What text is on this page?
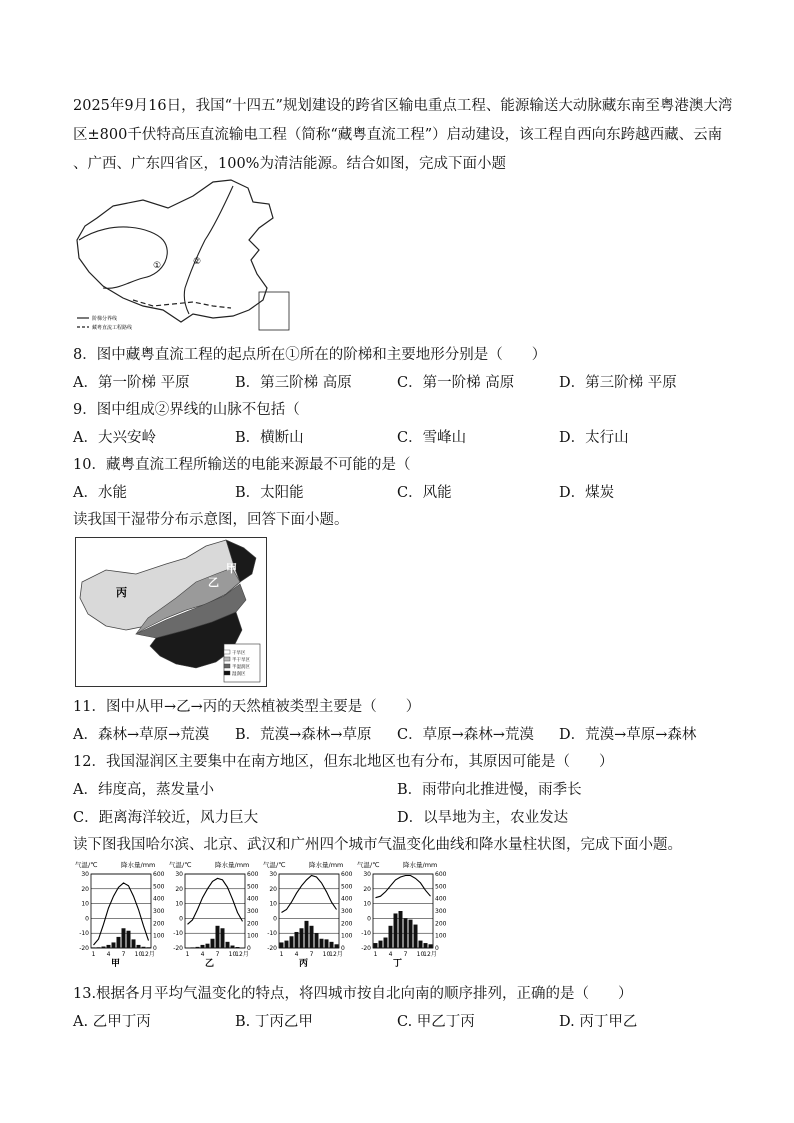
2025年9月16日，我国“十四五”规划建设的跨省区输电重点工程、能源输送大动脉藏东南至粤港澳大湾
区±800千伏特高压直流输电工程（简称“藏粤直流工程”）启动建设，该工程自西向东跨越西藏、云南
、广西、广东四省区，100%为清洁能源。结合如图，完成下面小题
①	②
阶梯分界线
藏粤直流工程路线
8．图中藏粤直流工程的起点所在①所在的阶梯和主要地形分别是（　　）
A．第一阶梯 平原	B．第三阶梯 高原	C．第一阶梯 高原	D．第三阶梯 平原
9．图中组成②界线的山脉不包括（
A．大兴安岭	B．横断山	C．雪峰山	D．太行山
10．藏粤直流工程所输送的电能来源最不可能的是（
A．水能	B．太阳能	C．风能	D．煤炭
读我国干湿带分布示意图，回答下面小题。
甲
乙
丙
干旱区
半干旱区
半湿润区
湿润区
11．图中从甲→乙→丙的天然植被类型主要是（　　）
A．森林→草原→荒漠 B．荒漠→森林→草原 C．草原→森林→荒漠 D．荒漠→草原→森林
12．我国湿润区主要集中在南方地区，但东北地区也有分布，其原因可能是（　　）
A．纬度高，蒸发量小	B．雨带向北推进慢，雨季长
C．距离海洋较近，风力巨大	D．以旱地为主，农业发达
读下图我国哈尔滨、北京、武汉和广州四个城市气温变化曲线和降水量柱状图，完成下面小题。
气温/℃	降水量/mm
30
20
10
0
-10
-20
600
500
400
300
200
100
0
1 4 7 10
12月
甲
气温/℃	降水量/mm
30
20
10
0
-10
-20
600
500
400
300
200
100
0
1 4 7 10
12月
乙
气温/℃	降水量/mm
30
20
10
0
-10
-20
600
500
400
300
200
100
0
1 4 7 10
12月
丙
气温/℃	降水量/mm
30
20
10
0
-10
-20
600
500
400
300
200
100
0
1 4 7 10
12月
丁
13.根据各月平均气温变化的特点，将四城市按自北向南的顺序排列，正确的是（　　）
A. 乙甲丁丙	B. 丁丙乙甲	C. 甲乙丁丙	D. 丙丁甲乙
